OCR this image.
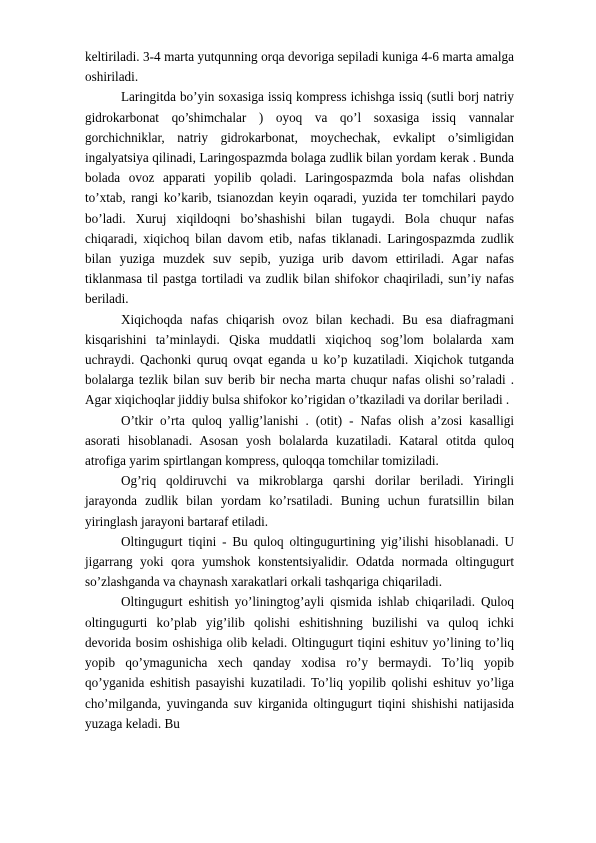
keltiriladi. 3-4 marta yutqunning orqa devoriga sepiladi kuniga 4-6 marta amalga oshiriladi.

Laringitda bo’yin soxasiga issiq kompress ichishga issiq (sutli borj natriy gidrokarbonat qo’shimchalar ) oyoq va qo’l soxasiga issiq vannalar gorchichniklar, natriy gidrokarbonat, moychechak, evkalipt o’simligidan ingalyatsiya qilinadi, Laringospazmda bolaga zudlik bilan yordam kerak . Bunda bolada ovoz apparati yopilib qoladi. Laringospazmda bola nafas olishdan to’xtab, rangi ko’karib, tsianozdan keyin oqaradi, yuzida ter tomchilari paydo bo’ladi. Xuruj xiqildoqni bo’shashishi bilan tugaydi. Bola chuqur nafas chiqaradi, xiqichoq bilan davom etib, nafas tiklanadi. Laringospazmda zudlik bilan yuziga muzdek suv sepib, yuziga urib davom ettiriladi. Agar nafas tiklanmasa til pastga tortiladi va zudlik bilan shifokor chaqiriladi, sun’iy nafas beriladi.

Xiqichoqda nafas chiqarish ovoz bilan kechadi. Bu esa diafragmani kisqarishini ta’minlaydi. Qiska muddatli xiqichoq sog’lom bolalarda xam uchraydi. Qachonki quruq ovqat eganda u ko’p kuzatiladi. Xiqichok tutganda bolalarga tezlik bilan suv berib bir necha marta chuqur nafas olishi so’raladi . Agar xiqichoqlar jiddiy bulsa shifokor ko’rigidan o’tkaziladi va dorilar beriladi .

O’tkir o’rta quloq yallig’lanishi . (otit) - Nafas olish a’zosi kasalligi asorati hisoblanadi. Asosan yosh bolalarda kuzatiladi. Kataral otitda quloq atrofiga yarim spirtlangan kompress, quloqqa tomchilar tomiziladi.

Og’riq qoldiruvchi va mikroblarga qarshi dorilar beriladi. Yiringli jarayonda zudlik bilan yordam ko’rsatiladi. Buning uchun furatsillin bilan yiringlash jarayoni bartaraf etiladi.

Oltingugurt tiqini - Bu quloq oltingugurtining yig’ilishi hisoblanadi. U jigarrang yoki qora yumshok konstentsiyalidir. Odatda normada oltingugurt so’zlashganda va chaynash xarakatlari orkali tashqariga chiqariladi.

Oltingugurt eshitish yo’liningtog’ayli qismida ishlab chiqariladi. Quloq oltingugurti ko’plab yig’ilib qolishi eshitishning buzilishi va quloq ichki devorida bosim oshishiga olib keladi. Oltingugurt tiqini eshituv yo’lining to’liq yopib qo’ymagunicha xech qanday xodisa ro’y bermaydi. To’liq yopib qo’yganida eshitish pasayishi kuzatiladi. To’liq yopilib qolishi eshituv yo’liga cho’milganda, yuvinganda suv kirganida oltingugurt tiqini shishishi natijasida yuzaga keladi. Bu
